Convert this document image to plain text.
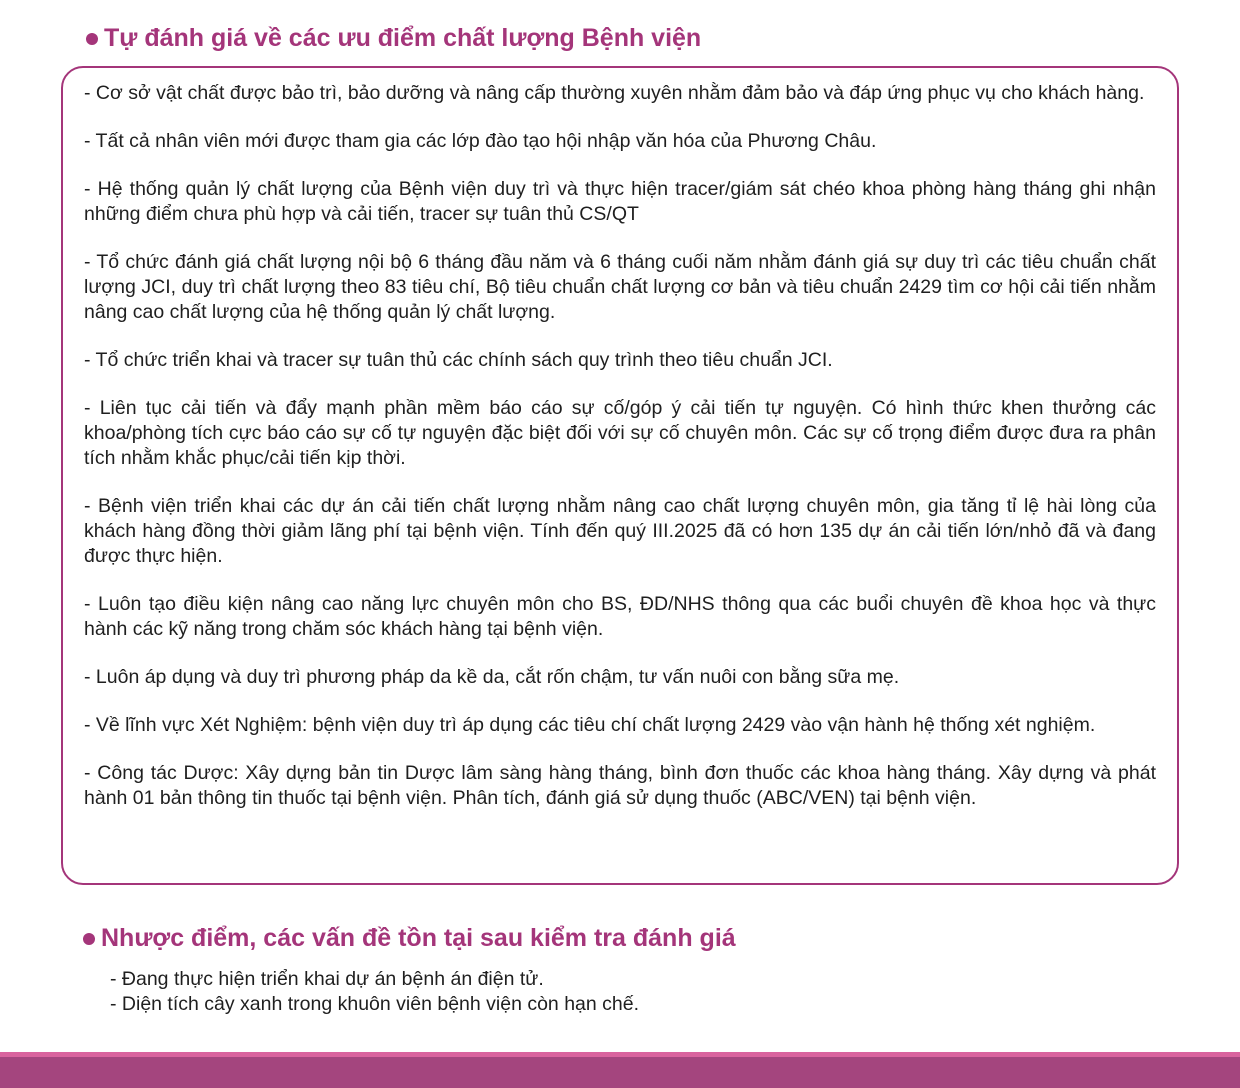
Tự đánh giá về các ưu điểm chất lượng Bệnh viện

- Cơ sở vật chất được bảo trì, bảo dưỡng và nâng cấp thường xuyên nhằm đảm bảo và đáp ứng phục vụ cho khách hàng.

- Tất cả nhân viên mới được tham gia các lớp đào tạo hội nhập văn hóa của Phương Châu.

- Hệ thống quản lý chất lượng của Bệnh viện duy trì và thực hiện tracer/giám sát chéo khoa phòng hàng tháng ghi nhận những điểm chưa phù hợp và cải tiến, tracer sự tuân thủ CS/QT

- Tổ chức đánh giá chất lượng nội bộ 6 tháng đầu năm và 6 tháng cuối năm nhằm đánh giá sự duy trì các tiêu chuẩn chất lượng JCI, duy trì chất lượng theo 83 tiêu chí, Bộ tiêu chuẩn chất lượng cơ bản và tiêu chuẩn 2429 tìm cơ hội cải tiến nhằm nâng cao chất lượng của hệ thống quản lý chất lượng.

- Tổ chức triển khai và tracer sự tuân thủ các chính sách quy trình theo tiêu chuẩn JCI.

- Liên tục cải tiến và đẩy mạnh phần mềm báo cáo sự cố/góp ý cải tiến tự nguyện. Có hình thức khen thưởng các khoa/phòng tích cực báo cáo sự cố tự nguyện đặc biệt đối với sự cố chuyên môn. Các sự cố trọng điểm được đưa ra phân tích nhằm khắc phục/cải tiến kịp thời.

- Bệnh viện triển khai các dự án cải tiến chất lượng nhằm nâng cao chất lượng chuyên môn, gia tăng tỉ lệ hài lòng của khách hàng đồng thời giảm lãng phí tại bệnh viện. Tính đến quý III.2025 đã có hơn 135 dự án cải tiến lớn/nhỏ đã và đang được thực hiện.

- Luôn tạo điều kiện nâng cao năng lực chuyên môn cho BS, ĐD/NHS thông qua các buổi chuyên đề khoa học và thực hành các kỹ năng trong chăm sóc khách hàng tại bệnh viện.

- Luôn áp dụng và duy trì phương pháp da kề da, cắt rốn chậm, tư vấn nuôi con bằng sữa mẹ.

- Về lĩnh vực Xét Nghiệm: bệnh viện duy trì áp dụng các tiêu chí chất lượng 2429 vào vận hành hệ thống xét nghiệm.

- Công tác Dược: Xây dựng bản tin Dược lâm sàng hàng tháng, bình đơn thuốc các khoa hàng tháng. Xây dựng và phát hành 01 bản thông tin thuốc tại bệnh viện. Phân tích, đánh giá sử dụng thuốc (ABC/VEN) tại bệnh viện.

Nhược điểm, các vấn đề tồn tại sau kiểm tra đánh giá

- Đang thực hiện triển khai dự án bệnh án điện tử.

- Diện tích cây xanh trong khuôn viên bệnh viện còn hạn chế.
